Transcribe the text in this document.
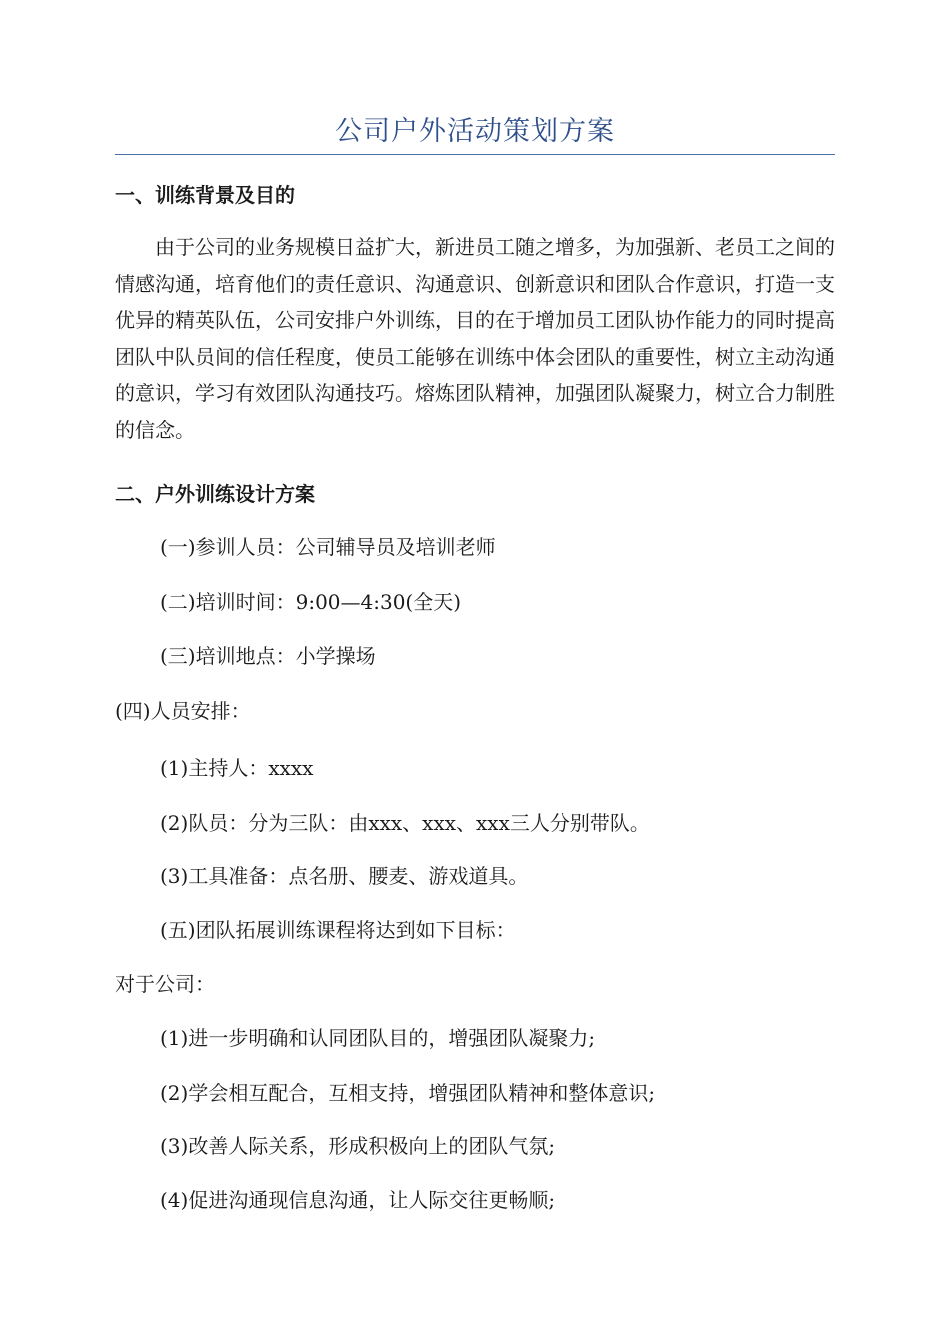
公司户外活动策划方案
一、训练背景及目的
由于公司的业务规模日益扩大，新进员工随之增多，为加强新、老员工之间的情感沟通，培育他们的责任意识、沟通意识、创新意识和团队合作意识，打造一支优异的精英队伍，公司安排户外训练，目的在于增加员工团队协作能力的同时提高团队中队员间的信任程度，使员工能够在训练中体会团队的重要性，树立主动沟通的意识，学习有效团队沟通技巧。熔炼团队精神，加强团队凝聚力，树立合力制胜的信念。
二、户外训练设计方案
(一)参训人员：公司辅导员及培训老师
(二)培训时间：9:00—4:30(全天)
(三)培训地点：小学操场
(四)人员安排：
(1)主持人：xxxx
(2)队员：分为三队：由xxx、xxx、xxx三人分别带队。
(3)工具准备：点名册、腰麦、游戏道具。
(五)团队拓展训练课程将达到如下目标：
对于公司：
(1)进一步明确和认同团队目的，增强团队凝聚力;
(2)学会相互配合，互相支持，增强团队精神和整体意识;
(3)改善人际关系，形成积极向上的团队气氛;
(4)促进沟通现信息沟通，让人际交往更畅顺;
